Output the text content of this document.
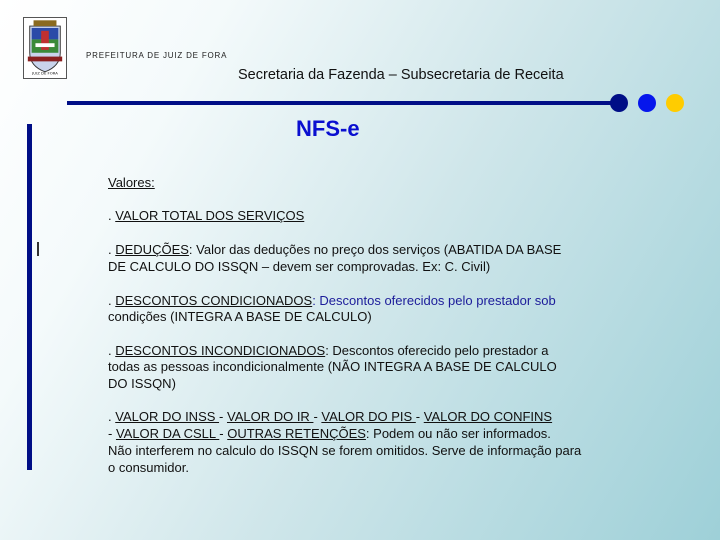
JUIZ DE FORA
PREFEITURA DE JUIZ DE FORA
Secretaria da Fazenda – Subsecretaria de Receita
NFS-e
Valores:
. VALOR TOTAL DOS SERVIÇOS
. DEDUÇÕES: Valor das deduções no preço dos serviços (ABATIDA DA BASE
DE CALCULO DO ISSQN – devem ser comprovadas. Ex: C. Civil)
. DESCONTOS CONDICIONADOS: Descontos oferecidos pelo prestador sob
condições (INTEGRA A BASE DE CALCULO)
. DESCONTOS INCONDICIONADOS: Descontos oferecido pelo prestador a
todas as pessoas incondicionalmente (NÃO INTEGRA A BASE DE CALCULO
DO ISSQN)
. VALOR DO INSS - VALOR DO IR - VALOR DO PIS - VALOR DO CONFINS
- VALOR DA CSLL - OUTRAS RETENÇÕES: Podem ou não ser informados.
Não interferem no calculo do ISSQN se forem omitidos. Serve de informação para
o consumidor.
